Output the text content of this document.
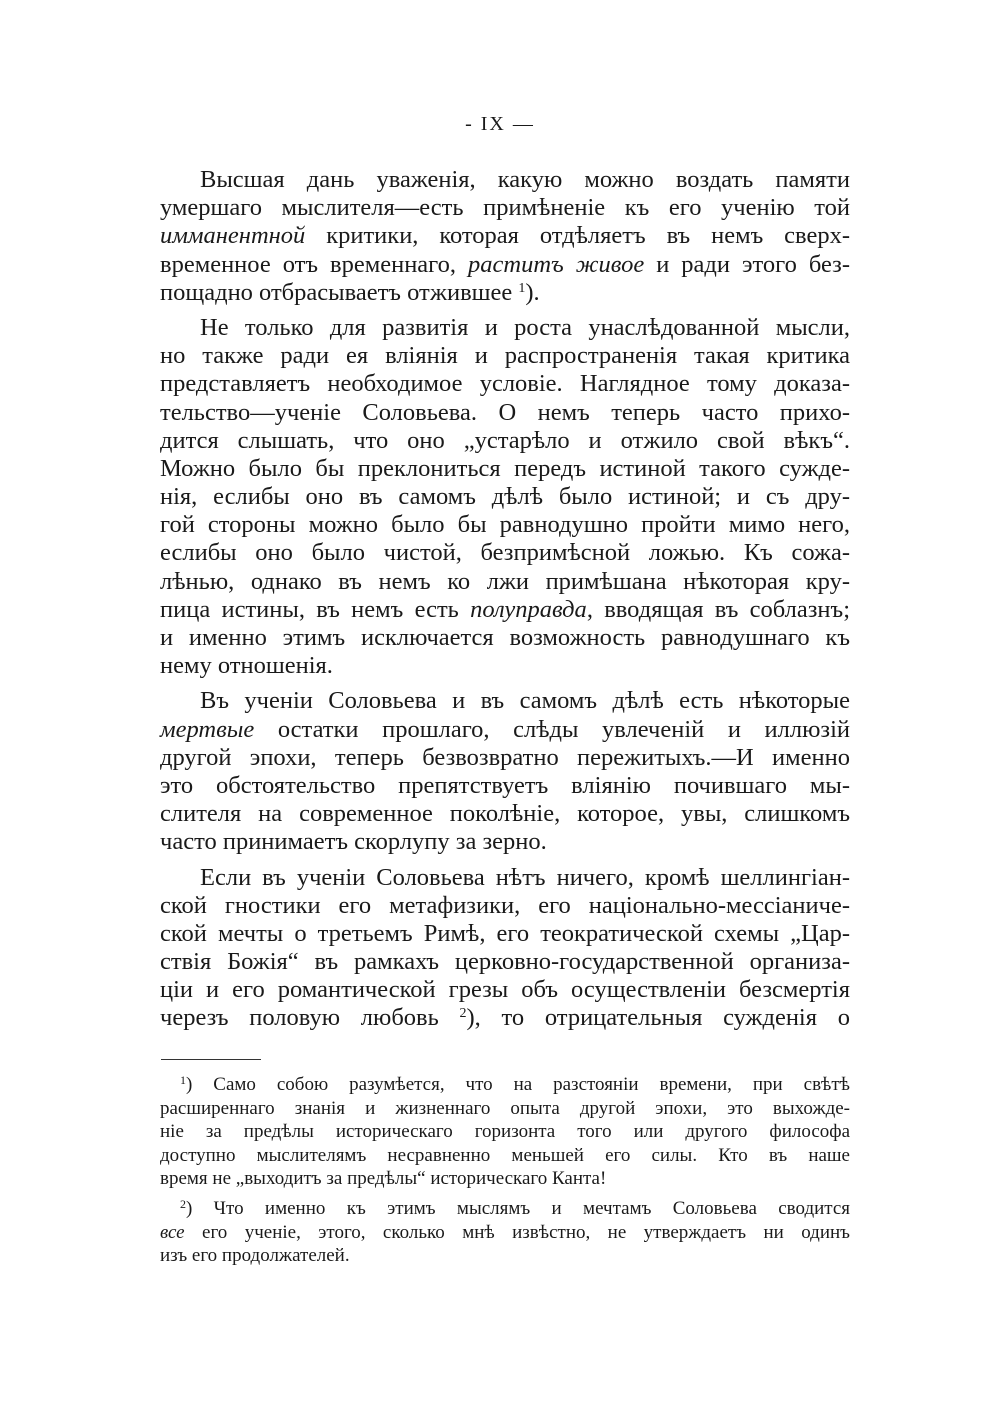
- IX —
Высшая дань уваженія, какую можно воздать памяти
умершаго мыслителя—есть примѣненіе къ его ученію той
имманентной критики, которая отдѣляетъ въ немъ сверх-
временное отъ временнаго, раститъ живое и ради этого без-
пощадно отбрасываетъ отжившее $^1$).
Не только для развитія и роста унаслѣдованной мысли,
но также ради ея вліянія и распространенія такая критика
представляетъ необходимое условіе. Наглядное тому доказа-
тельство—ученіе Соловьева. О немъ теперь часто прихо-
дится слышать, что оно „устарѣло и отжило свой вѣкъ“.
Можно было бы преклониться передъ истиной такого сужде-
нія, еслибы оно въ самомъ дѣлѣ было истиной; и съ дру-
гой стороны можно было бы равнодушно пройти мимо него,
еслибы оно было чистой, безпримѣсной ложью. Къ сожа-
лѣнью, однако въ немъ ко лжи примѣшана нѣкоторая кру-
пица истины, въ немъ есть полуправда, вводящая въ соблазнъ;
и именно этимъ исключается возможность равнодушнаго къ
нему отношенія.
Въ ученіи Соловьева и въ самомъ дѣлѣ есть нѣкоторые
мертвые остатки прошлаго, слѣды увлеченій и иллюзій
другой эпохи, теперь безвозвратно пережитыхъ.—И именно
это обстоятельство препятствуетъ вліянію почившаго мы-
слителя на современное поколѣніе, которое, увы, слишкомъ
часто принимаетъ скорлупу за зерно.
Если въ ученіи Соловьева нѣтъ ничего, кромѣ шеллингіан-
ской гностики его метафизики, его національно-мессіаниче-
ской мечты о третьемъ Римѣ, его теократической схемы „Цар-
ствія Божія“ въ рамкахъ церковно-государственной организа-
ціи и его романтической грезы объ осуществленіи безсмертія
черезъ половую любовь $^2$), то отрицательныя сужденія о
$^1$) Само собою разумѣется, что на разстояніи времени, при свѣтѣ
расширеннаго знанія и жизненнаго опыта другой эпохи, это выхожде-
ніе за предѣлы историческаго горизонта того или другого философа
доступно мыслителямъ несравненно меньшей его силы. Кто въ наше
время не „выходитъ за предѣлы“ историческаго Канта!
$^2$) Что именно къ этимъ мыслямъ и мечтамъ Соловьева сводится
все его ученіе, этого, сколько мнѣ извѣстно, не утверждаетъ ни одинъ
изъ его продолжателей.
